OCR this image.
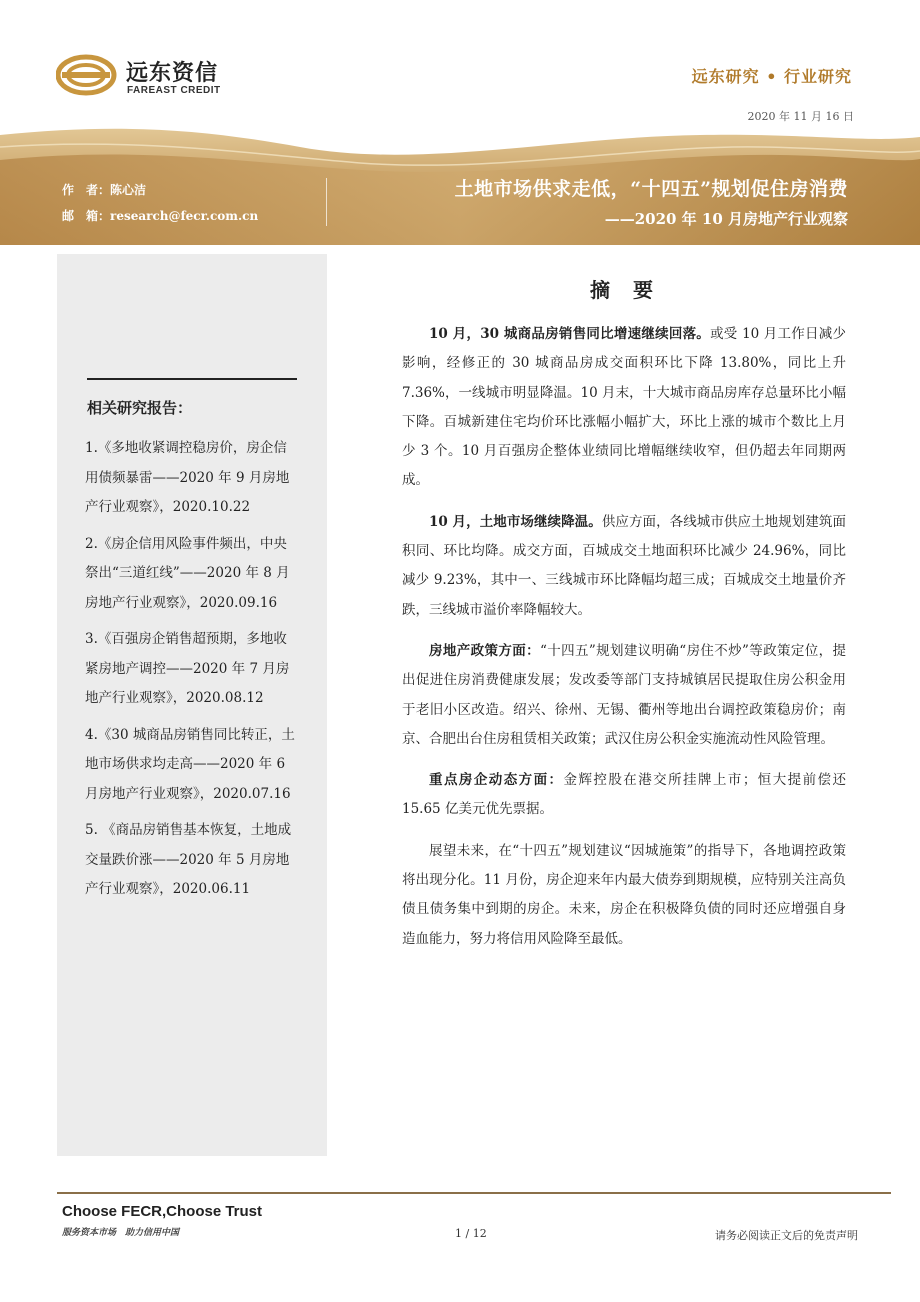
远东资信
FAREAST CREDIT
远东研究 • 行业研究
2020 年 11 月 16 日
作　者：陈心洁
邮　箱：research@fecr.com.cn
土地市场供求走低，“十四五”规划促住房消费
——2020 年 10 月房地产行业观察
相关研究报告：
1.《多地收紧调控稳房价，房企信用债频暴雷——2020 年 9 月房地产行业观察》，2020.10.22
2.《房企信用风险事件频出，中央祭出“三道红线”——2020 年 8 月房地产行业观察》，2020.09.16
3.《百强房企销售超预期，多地收紧房地产调控——2020 年 7 月房地产行业观察》，2020.08.12
4.《30 城商品房销售同比转正，土地市场供求均走高——2020 年 6 月房地产行业观察》，2020.07.16
5. 《商品房销售基本恢复，土地成交量跌价涨——2020 年 5 月房地产行业观察》，2020.06.11
摘 要

10 月，30 城商品房销售同比增速继续回落。或受 10 月工作日减少影响，经修正的 30 城商品房成交面积环比下降 13.80%，同比上升 7.36%，一线城市明显降温。10 月末，十大城市商品房库存总量环比小幅下降。百城新建住宅均价环比涨幅小幅扩大，环比上涨的城市个数比上月少 3 个。10 月百强房企整体业绩同比增幅继续收窄，但仍超去年同期两成。

10 月，土地市场继续降温。供应方面，各线城市供应土地规划建筑面积同、环比均降。成交方面，百城成交土地面积环比减少 24.96%，同比减少 9.23%，其中一、三线城市环比降幅均超三成；百城成交土地量价齐跌，三线城市溢价率降幅较大。

房地产政策方面：“十四五”规划建议明确“房住不炒”等政策定位，提出促进住房消费健康发展；发改委等部门支持城镇居民提取住房公积金用于老旧小区改造。绍兴、徐州、无锡、衢州等地出台调控政策稳房价；南京、合肥出台住房租赁相关政策；武汉住房公积金实施流动性风险管理。

重点房企动态方面：金辉控股在港交所挂牌上市；恒大提前偿还 15.65 亿美元优先票据。

展望未来，在“十四五”规划建议“因城施策”的指导下，各地调控政策将出现分化。11 月份，房企迎来年内最大债券到期规模，应特别关注高负债且债务集中到期的房企。未来，房企在积极降负债的同时还应增强自身造血能力，努力将信用风险降至最低。

Choose FECR,Choose Trust
服务资本市场　助力信用中国	1 / 12	请务必阅读正文后的免责声明
